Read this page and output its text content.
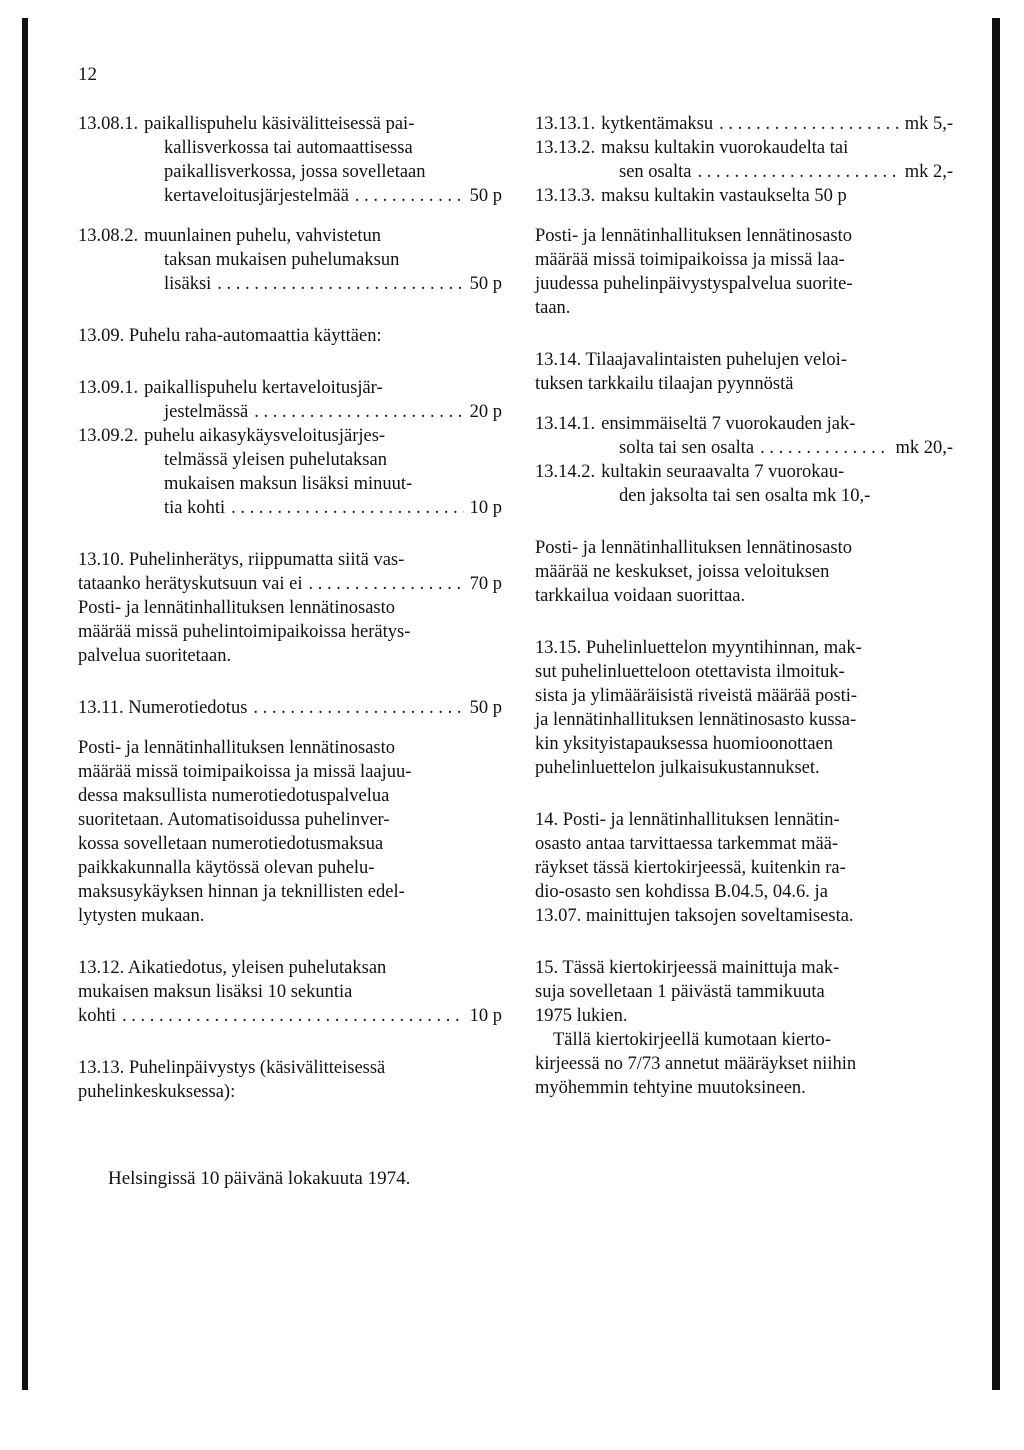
12
13.08.1. paikallispuhelu käsivälitteisessä pai-
kallisverkossa tai automaattisessa
paikallisverkossa, jossa sovelletaan
kertaveloitusjärjestelmää . . .	50 p
13.08.2. muunlainen puhelu, vahvistetun
taksan mukaisen puhelumaksun
lisäksi . . .	50 p
13.09. Puhelu raha-automaattia käyttäen:
13.09.1. paikallispuhelu kertaveloitusjär-
jestelmässä . . .	20 p
13.09.2. puhelu aikasykäysveloitusjärjes-
telmässä yleisen puhelutaksan
mukaisen maksun lisäksi minuut-
tia kohti . . .	10 p
13.10. Puhelinherätys, riippumatta siitä vas-
tataanko herätyskutsuun vai ei . . .	70 p
Posti- ja lennätinhallituksen lennätinosasto
määrää missä puhelintoimipaikoissa herätys-
palvelua suoritetaan.
13.11. Numerotiedotus . . .	50 p
Posti- ja lennätinhallituksen lennätinosasto
määrää missä toimipaikoissa ja missä laajuu-
dessa maksullista numerotiedotuspalvelua
suoritetaan. Automatisoidussa puhelinver-
kossa sovelletaan numerotiedotusmaksua
paikkakunnalla käytössä olevan puhelu-
maksusykäyksen hinnan ja teknillisten edel-
lytysten mukaan.
13.12. Aikatiedotus, yleisen puhelutaksan
mukaisen maksun lisäksi 10 sekuntia
kohti . . .	10 p
13.13. Puhelinpäivystys (käsivälitteisessä
puhelinkeskuksessa):
13.13.1. kytkentämaksu . . .	mk 5,-
13.13.2. maksu kultakin vuorokaudelta tai
sen osalta . . .	mk 2,-
13.13.3. maksu kultakin vastaukselta 50 p
Posti- ja lennätinhallituksen lennätinosasto
määrää missä toimipaikoissa ja missä laa-
juudessa puhelinpäivystyspalvelua suorite-
taan.
13.14. Tilaajavalintaisten puhelujen veloi-
tuksen tarkkailu tilaajan pyynnöstä
13.14.1. ensimmäiseltä 7 vuorokauden jak-
solta tai sen osalta . . .	mk 20,-
13.14.2. kultakin seuraavalta 7 vuorokau-
den jaksolta tai sen osalta mk 10,-
Posti- ja lennätinhallituksen lennätinosasto
määrää ne keskukset, joissa veloituksen
tarkkailua voidaan suorittaa.
13.15. Puhelinluettelon myyntihinnan, mak-
sut puhelinluetteloon otettavista ilmoituk-
sista ja ylimääräisistä riveistä määrää posti-
ja lennätinhallituksen lennätinosasto kussa-
kin yksityistapauksessa huomioonottaen
puhelinluettelon julkaisukustannukset.
14. Posti- ja lennätinhallituksen lennätin-
osasto antaa tarvittaessa tarkemmat mää-
räykset tässä kiertokirjeessä, kuitenkin ra-
dio-osasto sen kohdissa B.04.5, 04.6. ja
13.07. mainittujen taksojen soveltamisesta.
15. Tässä kiertokirjeessä mainittuja mak-
suja sovelletaan 1 päivästä tammikuuta
1975 lukien.
Tällä kiertokirjeellä kumotaan kierto-
kirjeessä no 7/73 annetut määräykset niihin
myöhemmin tehtyine muutoksineen.
Helsingissä 10 päivänä lokakuuta 1974.
